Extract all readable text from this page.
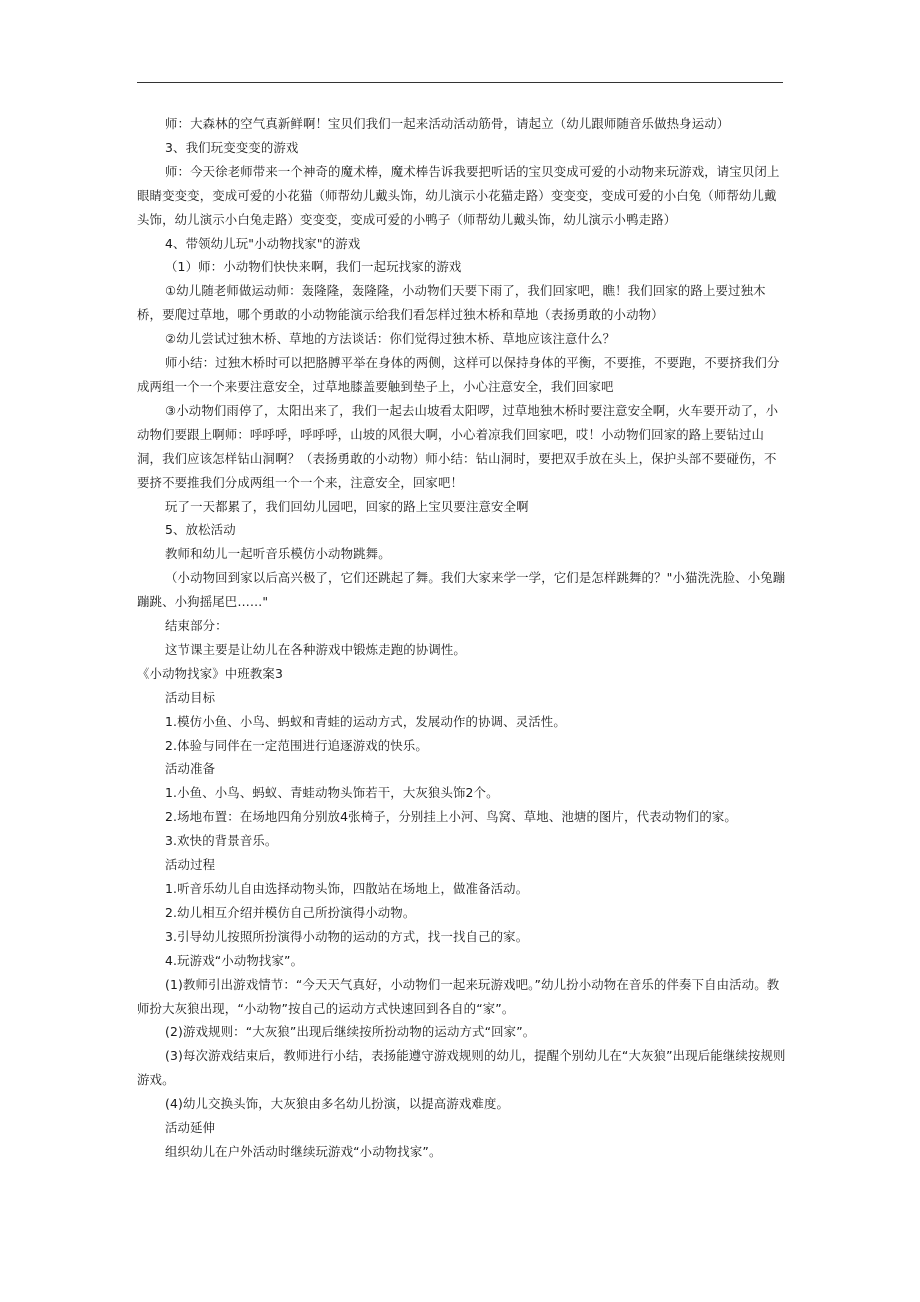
师：大森林的空气真新鲜啊！宝贝们我们一起来活动活动筋骨，请起立（幼儿跟师随音乐做热身运动）

3、我们玩变变变的游戏

师：今天徐老师带来一个神奇的魔术棒，魔术棒告诉我要把听话的宝贝变成可爱的小动物来玩游戏，请宝贝闭上眼睛变变变，变成可爱的小花猫（师帮幼儿戴头饰，幼儿演示小花猫走路）变变变，变成可爱的小白兔（师帮幼儿戴头饰，幼儿演示小白兔走路）变变变，变成可爱的小鸭子（师帮幼儿戴头饰，幼儿演示小鸭走路）

4、带领幼儿玩"小动物找家"的游戏

（1）师：小动物们快快来啊，我们一起玩找家的游戏

①幼儿随老师做运动师：轰隆隆，轰隆隆，小动物们天要下雨了，我们回家吧，瞧！我们回家的路上要过独木桥，要爬过草地，哪个勇敢的小动物能演示给我们看怎样过独木桥和草地（表扬勇敢的小动物）

②幼儿尝试过独木桥、草地的方法谈话：你们觉得过独木桥、草地应该注意什么？

师小结：过独木桥时可以把胳膊平举在身体的两侧，这样可以保持身体的平衡，不要推，不要跑，不要挤我们分成两组一个一个来要注意安全，过草地膝盖要触到垫子上，小心注意安全，我们回家吧

③小动物们雨停了，太阳出来了，我们一起去山坡看太阳啰，过草地独木桥时要注意安全啊，火车要开动了，小动物们要跟上啊师：呼呼呼，呼呼呼，山坡的风很大啊，小心着凉我们回家吧，哎！小动物们回家的路上要钻过山洞，我们应该怎样钻山洞啊？（表扬勇敢的小动物）师小结：钻山洞时，要把双手放在头上，保护头部不要碰伤，不要挤不要推我们分成两组一个一个来，注意安全，回家吧！

玩了一天都累了，我们回幼儿园吧，回家的路上宝贝要注意安全啊

5、放松活动

教师和幼儿一起听音乐模仿小动物跳舞。

（小动物回到家以后高兴极了，它们还跳起了舞。我们大家来学一学，它们是怎样跳舞的？"小猫洗洗脸、小兔蹦蹦跳、小狗摇尾巴……"

结束部分：

这节课主要是让幼儿在各种游戏中锻炼走跑的协调性。

《小动物找家》中班教案3

活动目标

1.模仿小鱼、小鸟、蚂蚁和青蛙的运动方式，发展动作的协调、灵活性。

2.体验与同伴在一定范围进行追逐游戏的快乐。

活动准备

1.小鱼、小鸟、蚂蚁、青蛙动物头饰若干，大灰狼头饰2个。

2.场地布置：在场地四角分别放4张椅子，分别挂上小河、鸟窝、草地、池塘的图片，代表动物们的家。

3.欢快的背景音乐。

活动过程

1.听音乐幼儿自由选择动物头饰，四散站在场地上，做准备活动。

2.幼儿相互介绍并模仿自己所扮演得小动物。

3.引导幼儿按照所扮演得小动物的运动的方式，找一找自己的家。

4.玩游戏“小动物找家”。

(1)教师引出游戏情节：“今天天气真好，小动物们一起来玩游戏吧。”幼儿扮小动物在音乐的伴奏下自由活动。教师扮大灰狼出现，“小动物”按自己的运动方式快速回到各自的“家”。

(2)游戏规则：“大灰狼”出现后继续按所扮动物的运动方式“回家”。

(3)每次游戏结束后，教师进行小结，表扬能遵守游戏规则的幼儿，提醒个别幼儿在“大灰狼”出现后能继续按规则游戏。

(4)幼儿交换头饰，大灰狼由多名幼儿扮演，以提高游戏难度。

活动延伸

组织幼儿在户外活动时继续玩游戏“小动物找家”。
